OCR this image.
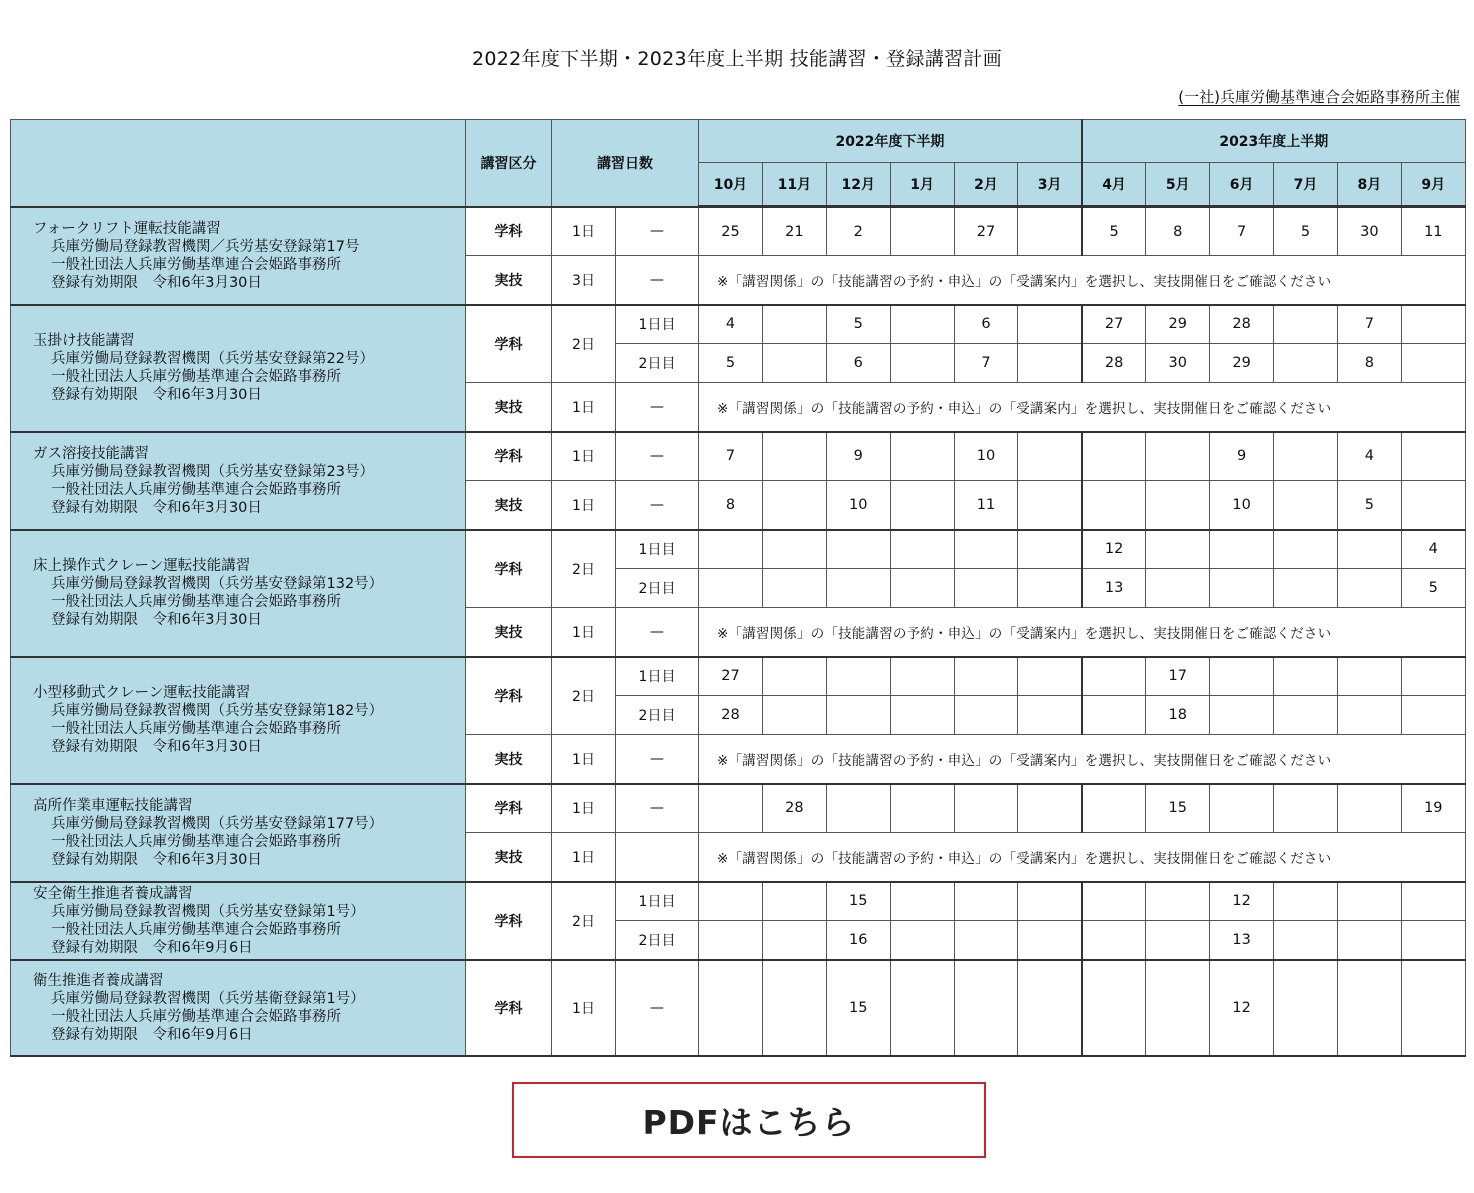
2022年度下半期・2023年度上半期 技能講習・登録講習計画
(一社)兵庫労働基準連合会姫路事務所主催
	講習区分	講習日数		2022年度下半期						2023年度上半期					
				10月	11月	12月	1月	2月	3月	4月	5月	6月	7月	8月	9月

フォークリフト運転技能講習
兵庫労働局登録教習機関／兵労基安登録第17号
一般社団法人兵庫労働基準連合会姫路事務所
登録有効期限　令和6年3月30日	学科	1日	—	25	21	2		27		5	8	7	5	30	11
	実技	3日	—	※「講習関係」の「技能講習の予約・申込」の「受講案内」を選択し、実技開催日をご確認ください											

玉掛け技能講習
兵庫労働局登録教習機関（兵労基安登録第22号）
一般社団法人兵庫労働基準連合会姫路事務所
登録有効期限　令和6年3月30日	学科	2日	1日目	4		5		6		27	29	28		7	
			2日目	5		6		7		28	30	29		8	
	実技	1日	—	※「講習関係」の「技能講習の予約・申込」の「受講案内」を選択し、実技開催日をご確認ください											

ガス溶接技能講習
兵庫労働局登録教習機関（兵労基安登録第23号）
一般社団法人兵庫労働基準連合会姫路事務所
登録有効期限　令和6年3月30日	学科	1日	—	7		9		10				9		4	
	実技	1日	—	8		10		11				10		5	

床上操作式クレーン運転技能講習
兵庫労働局登録教習機関（兵労基安登録第132号）
一般社団法人兵庫労働基準連合会姫路事務所
登録有効期限　令和6年3月30日	学科	2日	1日目							12					4
			2日目							13					5
	実技	1日	—	※「講習関係」の「技能講習の予約・申込」の「受講案内」を選択し、実技開催日をご確認ください											

小型移動式クレーン運転技能講習
兵庫労働局登録教習機関（兵労基安登録第182号）
一般社団法人兵庫労働基準連合会姫路事務所
登録有効期限　令和6年3月30日	学科	2日	1日目	27							17				
			2日目	28							18				
	実技	1日	—	※「講習関係」の「技能講習の予約・申込」の「受講案内」を選択し、実技開催日をご確認ください											

高所作業車運転技能講習
兵庫労働局登録教習機関（兵労基安登録第177号）
一般社団法人兵庫労働基準連合会姫路事務所
登録有効期限　令和6年3月30日	学科	1日	—		28						15				19
	実技	1日		※「講習関係」の「技能講習の予約・申込」の「受講案内」を選択し、実技開催日をご確認ください											

安全衛生推進者養成講習
兵庫労働局登録教習機関（兵労基安登録第1号）
一般社団法人兵庫労働基準連合会姫路事務所
登録有効期限　令和6年9月6日	学科	2日	1日目			15						12			
			2日目			16						13			

衛生推進者養成講習
兵庫労働局登録教習機関（兵労基衛登録第1号）
一般社団法人兵庫労働基準連合会姫路事務所
登録有効期限　令和6年9月6日	学科	1日	—			15						12			
PDFはこちら
